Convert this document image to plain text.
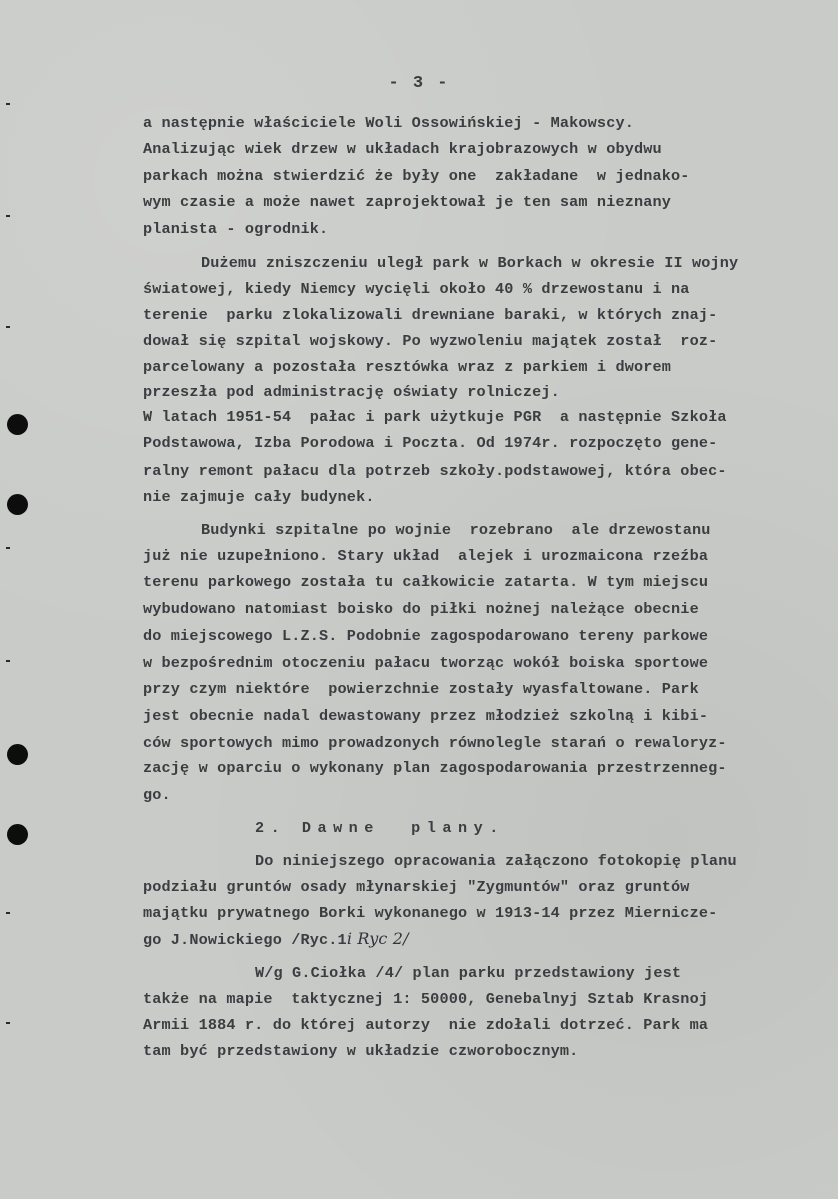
- 3 -
a następnie właściciele Woli Ossowińskiej - Makowscy.
Analizując wiek drzew w układach krajobrazowych w obydwu
parkach można stwierdzić że były one  zakładane  w jednako-
wym czasie a może nawet zaprojektował je ten sam nieznany
planista - ogrodnik.
Dużemu zniszczeniu uległ park w Borkach w okresie II wojny
światowej, kiedy Niemcy wycięli około 40 % drzewostanu i na
terenie  parku zlokalizowali drewniane baraki, w których znaj-
dował się szpital wojskowy. Po wyzwoleniu majątek został  roz-
parcelowany a pozostała resztówka wraz z parkiem i dworem
przeszła pod administrację oświaty rolniczej.
W latach 1951-54  pałac i park użytkuje PGR  a następnie Szkoła
Podstawowa, Izba Porodowa i Poczta. Od 1974r. rozpoczęto gene-
ralny remont pałacu dla potrzeb szkoły.podstawowej, która obec-
nie zajmuje cały budynek.
Budynki szpitalne po wojnie  rozebrano  ale drzewostanu
już nie uzupełniono. Stary układ  alejek i urozmaicona rzeźba
terenu parkowego została tu całkowicie zatarta. W tym miejscu
wybudowano natomiast boisko do piłki nożnej należące obecnie
do miejscowego L.Z.S. Podobnie zagospodarowano tereny parkowe
w bezpośrednim otoczeniu pałacu tworząc wokół boiska sportowe
przy czym niektóre  powierzchnie zostały wyasfaltowane. Park
jest obecnie nadal dewastowany przez młodzież szkolną i kibi-
ców sportowych mimo prowadzonych równolegle starań o rewaloryz-
zację w oparciu o wykonany plan zagospodarowania przestrzenneg-
go.
2. Dawne  plany.
Do niniejszego opracowania załączono fotokopię planu
podziału gruntów osady młynarskiej "Zygmuntów" oraz gruntów
majątku prywatnego Borki wykonanego w 1913-14 przez Miernicze-
go J.Nowickiego /Ryc.1i Ryc 2/
W/g G.Ciołka /4/ plan parku przedstawiony jest
także na mapie  taktycznej 1: 50000, Genebalnyj Sztab Krasnoj
Armii 1884 r. do której autorzy  nie zdołali dotrzeć. Park ma
tam być przedstawiony w układzie czworobocznym.
